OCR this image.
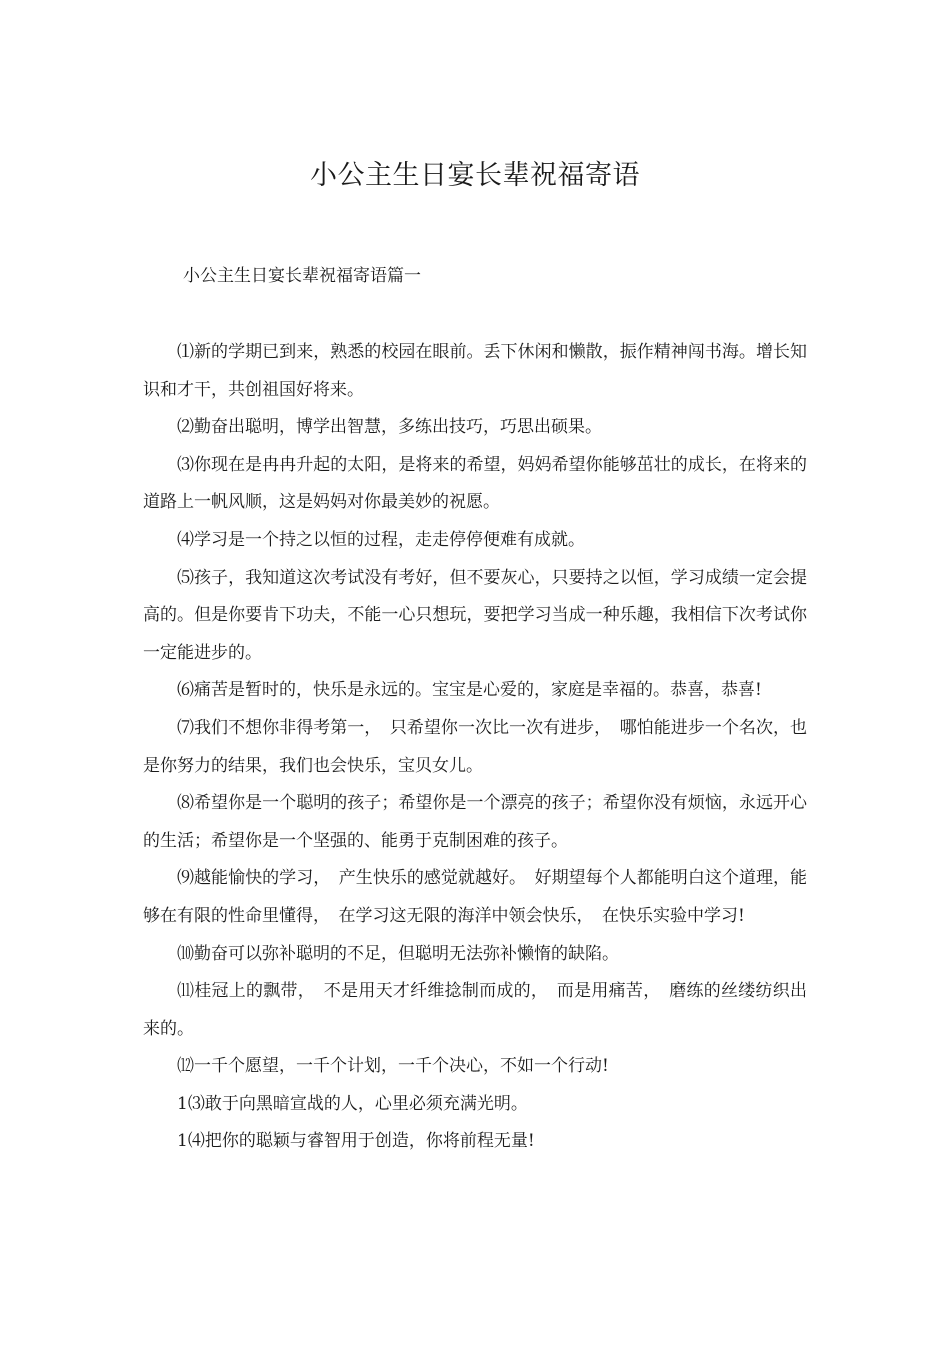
小公主生日宴长辈祝福寄语
小公主生日宴长辈祝福寄语篇一

⑴新的学期已到来，熟悉的校园在眼前。丢下休闲和懒散，振作精神闯书海。增长知识和才干，共创祖国好将来。

⑵勤奋出聪明，博学出智慧，多练出技巧，巧思出硕果。

⑶你现在是冉冉升起的太阳，是将来的希望，妈妈希望你能够茁壮的成长，在将来的道路上一帆风顺，这是妈妈对你最美妙的祝愿。

⑷学习是一个持之以恒的过程，走走停停便难有成就。

⑸孩子，我知道这次考试没有考好，但不要灰心，只要持之以恒，学习成绩一定会提高的。但是你要肯下功夫，不能一心只想玩，要把学习当成一种乐趣，我相信下次考试你一定能进步的。

⑹痛苦是暂时的，快乐是永远的。宝宝是心爱的，家庭是幸福的。恭喜，恭喜!

⑺我们不想你非得考第一，　只希望你一次比一次有进步，　哪怕能进步一个名次，也是你努力的结果，我们也会快乐，宝贝女儿。

⑻希望你是一个聪明的孩子；希望你是一个漂亮的孩子；希望你没有烦恼，永远开心的生活；希望你是一个坚强的、能勇于克制困难的孩子。

⑼越能愉快的学习，　产生快乐的感觉就越好。　好期望每个人都能明白这个道理，能够在有限的性命里懂得，　在学习这无限的海洋中领会快乐，　在快乐实验中学习!

⑽勤奋可以弥补聪明的不足，但聪明无法弥补懒惰的缺陷。

⑾桂冠上的飘带，　不是用天才纤维捻制而成的，　而是用痛苦，　磨练的丝缕纺织出来的。

⑿一千个愿望，一千个计划，一千个决心，不如一个行动!

1⑶敢于向黑暗宣战的人，心里必须充满光明。

1⑷把你的聪颖与睿智用于创造，你将前程无量!
